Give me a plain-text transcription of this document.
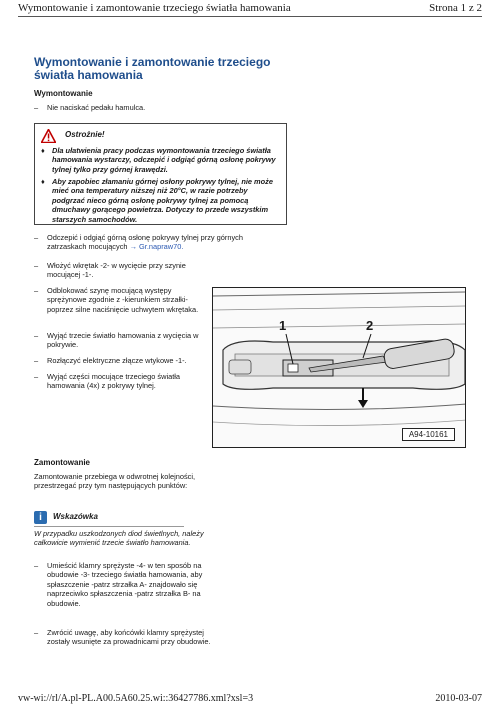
Wymontowanie i zamontowanie trzeciego światła hamowania	Strona 1 z 2
Wymontowanie i zamontowanie trzeciego światła hamowania
Wymontowanie
–	Nie naciskać pedału hamulca.
Ostrożnie!
♦ Dla ułatwienia pracy podczas wymontowania trzeciego światła hamowania wystarczy, odczepić i odgiąć górną osłonę pokrywy tylnej tylko przy górnej krawędzi.
♦ Aby zapobiec złamaniu górnej osłony pokrywy tylnej, nie może mieć ona temperatury niższej niż 20°C, w razie potrzeby podgrzać nieco górną osłonę pokrywy tylnej za pomocą dmuchawy gorącego powietrza. Dotyczy to przede wszystkim starszych samochodów.
–	Odczepić i odgiąć górną osłonę pokrywy tylnej przy górnych zatrzaskach mocujących → Gr.napraw70.
–	Włożyć wkrętak -2- w wycięcie przy szynie mocującej -1-.
–	Odblokować szynę mocującą występy sprężynowe zgodnie z -kierunkiem strzałki- poprzez silne naciśnięcie uchwytem wkrętaka.
–	Wyjąć trzecie światło hamowania z wycięcia w pokrywie.
–	Rozłączyć elektryczne złącze wtykowe -1-.
–	Wyjąć części mocujące trzeciego światła hamowania (4x) z pokrywy tylnej.
1	2
A94-10161
Zamontowanie
Zamontowanie przebiega w odwrotnej kolejności, przestrzegać przy tym następujących punktów:
i	Wskazówka
W przypadku uszkodzonych diod świetlnych, należy całkowicie wymienić trzecie światło hamowania.
–	Umieścić klamry sprężyste -4- w ten sposób na obudowie -3- trzeciego światła hamowania, aby spłaszczenie -patrz strzałka A- znajdowało się naprzeciwko spłaszczenia -patrz strzałka B- na obudowie.
–	Zwrócić uwagę, aby końcówki klamry sprężystej zostały wsunięte za prowadnicami przy obudowie.
vw-wi://rl/A.pl-PL.A00.5A60.25.wi::36427786.xml?xsl=3	2010-03-07
